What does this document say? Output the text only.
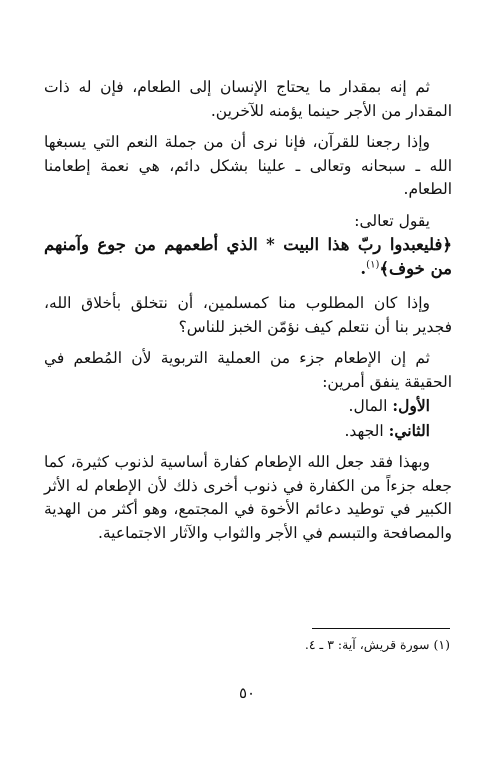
ثم إنه بمقدار ما يحتاج الإنسان إلى الطعام، فإن له ذات المقدار من الأجر حينما يؤمنه للآخرين.

وإذا رجعنا للقرآن، فإنا نرى أن من جملة النعم التي يسبغها الله ـ سبحانه وتعالى ـ علينا بشكل دائم، هي نعمة إطعامنا الطعام.

يقول تعالى:

﴿فليعبدوا ربّ هذا البيت * الذي أطعمهم من جوع وآمنهم من خوف﴾$^{(١)}$.

وإذا كان المطلوب منا كمسلمين، أن نتخلق بأخلاق الله، فجدير بنا أن نتعلم كيف نؤمّن الخبز للناس؟

ثم إن الإطعام جزء من العملية التربوية لأن المُطعم في الحقيقة ينفق أمرين:

الأول: المال.

الثاني: الجهد.

وبهذا فقد جعل الله الإطعام كفارة أساسية لذنوب كثيرة، كما جعله جزءاً من الكفارة في ذنوب أخرى ذلك لأن الإطعام له الأثر الكبير في توطيد دعائم الأخوة في المجتمع، وهو أكثر من الهدية والمصافحة والتبسم في الأجر والثواب والآثار الاجتماعية.

(١) سورة قريش، آية: ٣ ـ ٤.
٥٠
